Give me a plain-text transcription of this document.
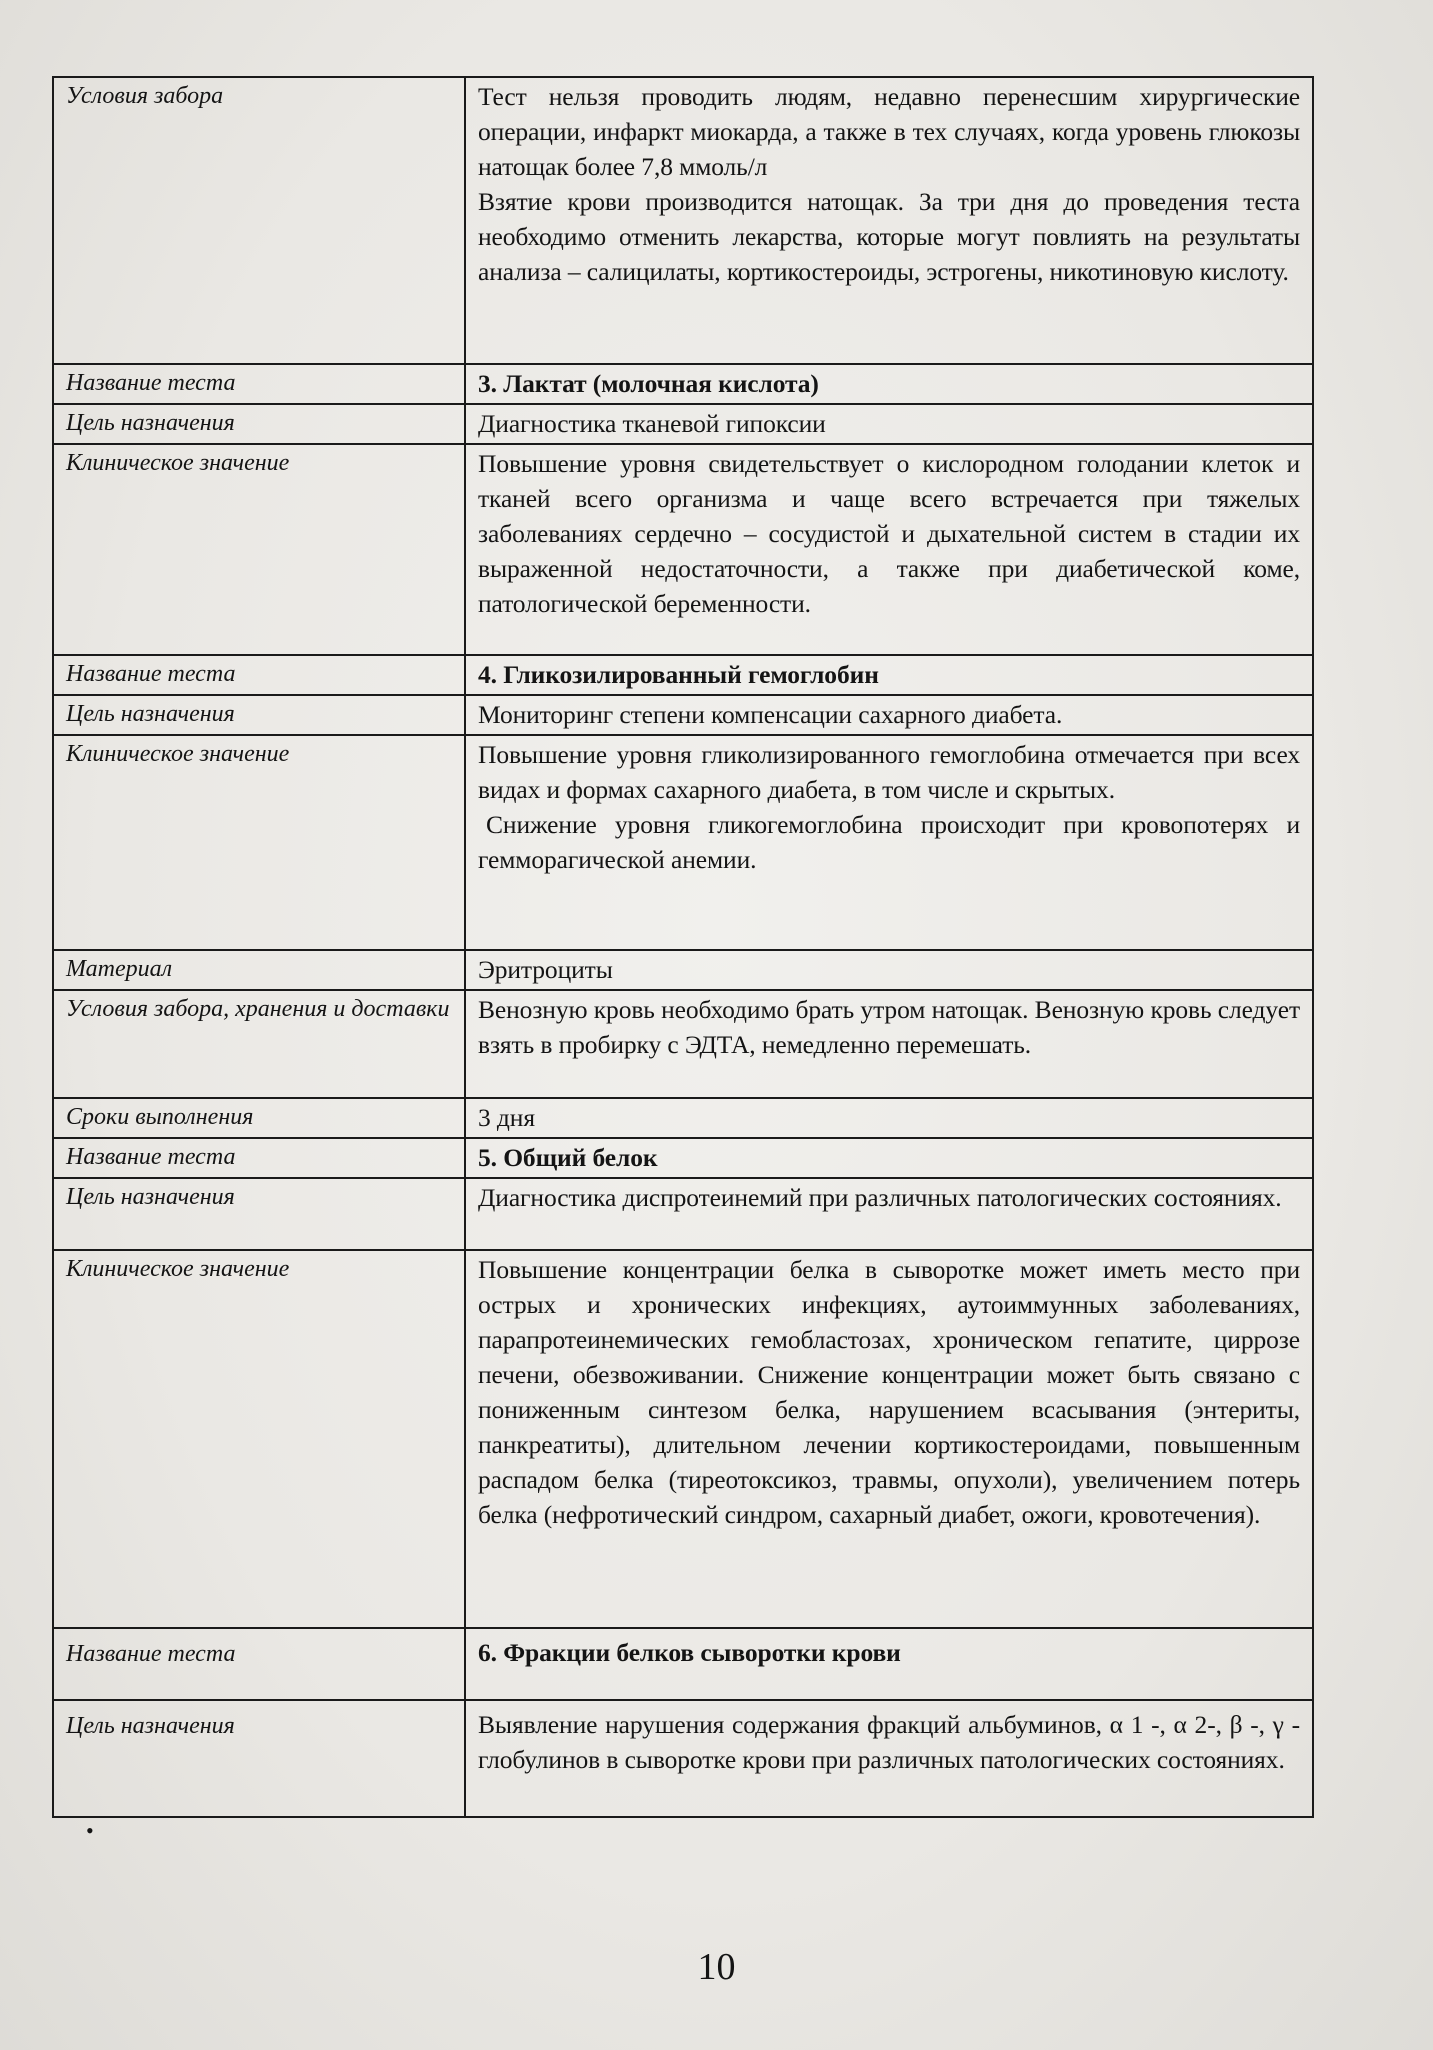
Условия забора	Тест нельзя проводить людям, недавно перенесшим хирургические операции, инфаркт миокарда, а также в тех случаях, когда уровень глюкозы натощак более 7,8 ммоль/л

Взятие крови производится натощак. За три дня до проведения теста необходимо отменить лекарства, которые могут повлиять на результаты анализа – салицилаты, кортикостероиды, эстрогены, никотиновую кислоту.

Название теста	3. Лактат (молочная кислота)
Цель назначения	Диагностика тканевой гипоксии
Клиническое значение	Повышение уровня свидетельствует о кислородном голодании клеток и тканей всего организма и чаще всего встречается при тяжелых заболеваниях сердечно – сосудистой и дыхательной систем в стадии их выраженной недостаточности, а также при диабетической коме, патологической беременности.

Название теста	4. Гликозилированный гемоглобин
Цель назначения	Мониторинг степени компенсации сахарного диабета.
Клиническое значение	Повышение уровня гликолизированного гемоглобина отмечается при всех видах и формах сахарного диабета, в том числе и скрытых.

Снижение уровня гликогемоглобина происходит при кровопотерях и гемморагической анемии.

Материал	Эритроциты
Условия забора, хранения и доставки	Венозную кровь необходимо брать утром натощак. Венозную кровь следует взять в пробирку с ЭДТА, немедленно перемешать.

Сроки выполнения	3 дня
Название теста	5. Общий белок
Цель назначения	Диагностика диспротеинемий при различных патологических состояниях.

Клиническое значение	Повышение концентрации белка в сыворотке может иметь место при острых и хронических инфекциях, аутоиммунных заболеваниях, парапротеинемических гемобластозах, хроническом гепатите, циррозе печени, обезвоживании. Снижение концентрации может быть связано с пониженным синтезом белка, нарушением всасывания (энтериты, панкреатиты), длительном лечении кортикостероидами, повышенным распадом белка (тиреотоксикоз, травмы, опухоли), увеличением потерь белка (нефротический синдром, сахарный диабет, ожоги, кровотечения).

Название теста	6. Фракции белков сыворотки крови
Цель назначения	Выявление нарушения содержания фракций альбуминов, α 1 -, α 2-, β -, γ - глобулинов в сыворотке крови при различных патологических состояниях.

•
10
